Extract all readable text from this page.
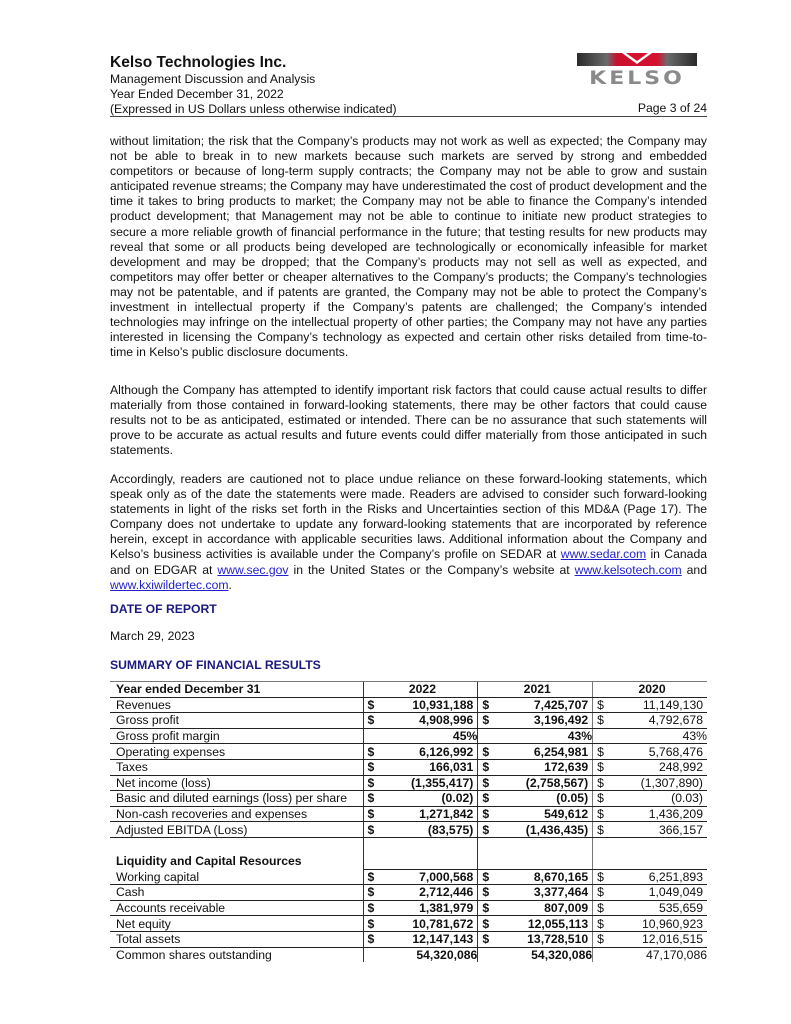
Kelso Technologies Inc.
Management Discussion and Analysis
Year Ended December 31, 2022
(Expressed in US Dollars unless otherwise indicated)
KELSO
Page 3 of 24
without limitation; the risk that the Company’s products may not work as well as expected; the Company may not be able to break in to new markets because such markets are served by strong and embedded competitors or because of long-term supply contracts; the Company may not be able to grow and sustain anticipated revenue streams; the Company may have underestimated the cost of product development and the time it takes to bring products to market; the Company may not be able to finance the Company’s intended product development; that Management may not be able to continue to initiate new product strategies to secure a more reliable growth of financial performance in the future; that testing results for new products may reveal that some or all products being developed are technologically or economically infeasible for market development and may be dropped; that the Company’s products may not sell as well as expected, and competitors may offer better or cheaper alternatives to the Company’s products; the Company’s technologies may not be patentable, and if patents are granted, the Company may not be able to protect the Company’s investment in intellectual property if the Company’s patents are challenged; the Company’s intended technologies may infringe on the intellectual property of other parties; the Company may not have any parties interested in licensing the Company’s technology as expected and certain other risks detailed from time-to-time in Kelso’s public disclosure documents.
Although the Company has attempted to identify important risk factors that could cause actual results to differ materially from those contained in forward-looking statements, there may be other factors that could cause results not to be as anticipated, estimated or intended. There can be no assurance that such statements will prove to be accurate as actual results and future events could differ materially from those anticipated in such statements.
Accordingly, readers are cautioned not to place undue reliance on these forward-looking statements, which speak only as of the date the statements were made. Readers are advised to consider such forward-looking statements in light of the risks set forth in the Risks and Uncertainties section of this MD&A (Page 17). The Company does not undertake to update any forward-looking statements that are incorporated by reference herein, except in accordance with applicable securities laws. Additional information about the Company and Kelso’s business activities is available under the Company’s profile on SEDAR at www.sedar.com in Canada and on EDGAR at www.sec.gov in the United States or the Company’s website at www.kelsotech.com and www.kxiwildertec.com.
DATE OF REPORT
March 29, 2023
SUMMARY OF FINANCIAL RESULTS
Year ended December 31	2022		2021		2020	
Revenues	$	10,931,188	$	7,425,707	$	11,149,130
Gross profit	$	4,908,996	$	3,196,492	$	4,792,678
Gross profit margin	45%		43%		43%	
Operating expenses	$	6,126,992	$	6,254,981	$	5,768,476
Taxes	$	166,031	$	172,639	$	248,992
Net income (loss)	$	(1,355,417)	$	(2,758,567)	$	(1,307,890)
Basic and diluted earnings (loss) per share	$	(0.02)	$	(0.05)	$	(0.03)
Non-cash recoveries and expenses	$	1,271,842	$	549,612	$	1,436,209
Adjusted EBITDA (Loss)	$	(83,575)	$	(1,436,435)	$	366,157

Liquidity and Capital Resources						
Working capital	$	7,000,568	$	8,670,165	$	6,251,893
Cash	$	2,712,446	$	3,377,464	$	1,049,049
Accounts receivable	$	1,381,979	$	807,009	$	535,659
Net equity	$	10,781,672	$	12,055,113	$	10,960,923
Total assets	$	12,147,143	$	13,728,510	$	12,016,515
Common shares outstanding	54,320,086		54,320,086		47,170,086	
